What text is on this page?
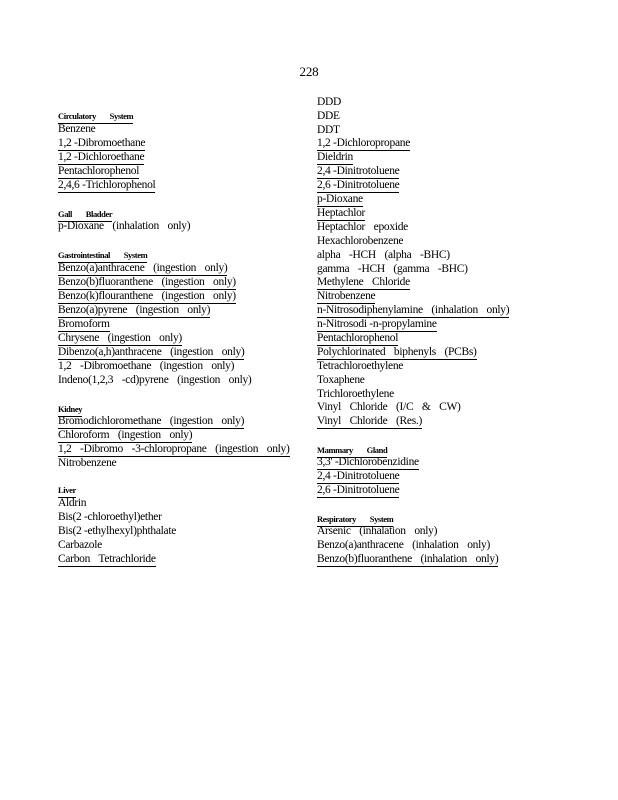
228
Circulatory System
Benzene
1,2 -Dibromoethane
1,2 -Dichloroethane
Pentachlorophenol
2,4,6 -Trichlorophenol
Gall Bladder
p-Dioxane (inhalation only)
Gastrointestinal System
Benzo(a)anthracene (ingestion only)
Benzo(b)fluoranthene (ingestion only)
Benzo(k)flouranthene (ingestion only)
Benzo(a)pyrene (ingestion only)
Bromoform
Chrysene (ingestion only)
Dibenzo(a,h)anthracene (ingestion only)
1,2 -Dibromoethane (ingestion only)
Indeno(1,2,3 -cd)pyrene (ingestion only)
Kidney
Bromodichloromethane (ingestion only)
Chloroform (ingestion only)
1,2 -Dibromo -3-chloropropane (ingestion only)
Nitrobenzene
Liver
Aldrin
Bis(2 -chloroethyl)ether
Bis(2 -ethylhexyl)phthalate
Carbazole
Carbon Tetrachloride
DDD
DDE
DDT
1,2 -Dichloropropane
Dieldrin
2,4 -Dinitrotoluene
2,6 -Dinitrotoluene
p-Dioxane
Heptachlor
Heptachlor epoxide
Hexachlorobenzene
alpha -HCH (alpha -BHC)
gamma -HCH (gamma -BHC)
Methylene Chloride
Nitrobenzene
n-Nitrosodiphenylamine (inhalation only)
n-Nitrosodi -n-propylamine
Pentachlorophenol
Polychlorinated biphenyls (PCBs)
Tetrachloroethylene
Toxaphene
Trichloroethylene
Vinyl Chloride (I/C & CW)
Vinyl Chloride (Res.)
Mammary Gland
3,3' -Dichlorobenzidine
2,4 -Dinitrotoluene
2,6 -Dinitrotoluene
Respiratory System
Arsenic (inhalation only)
Benzo(a)anthracene (inhalation only)
Benzo(b)fluoranthene (inhalation only)
